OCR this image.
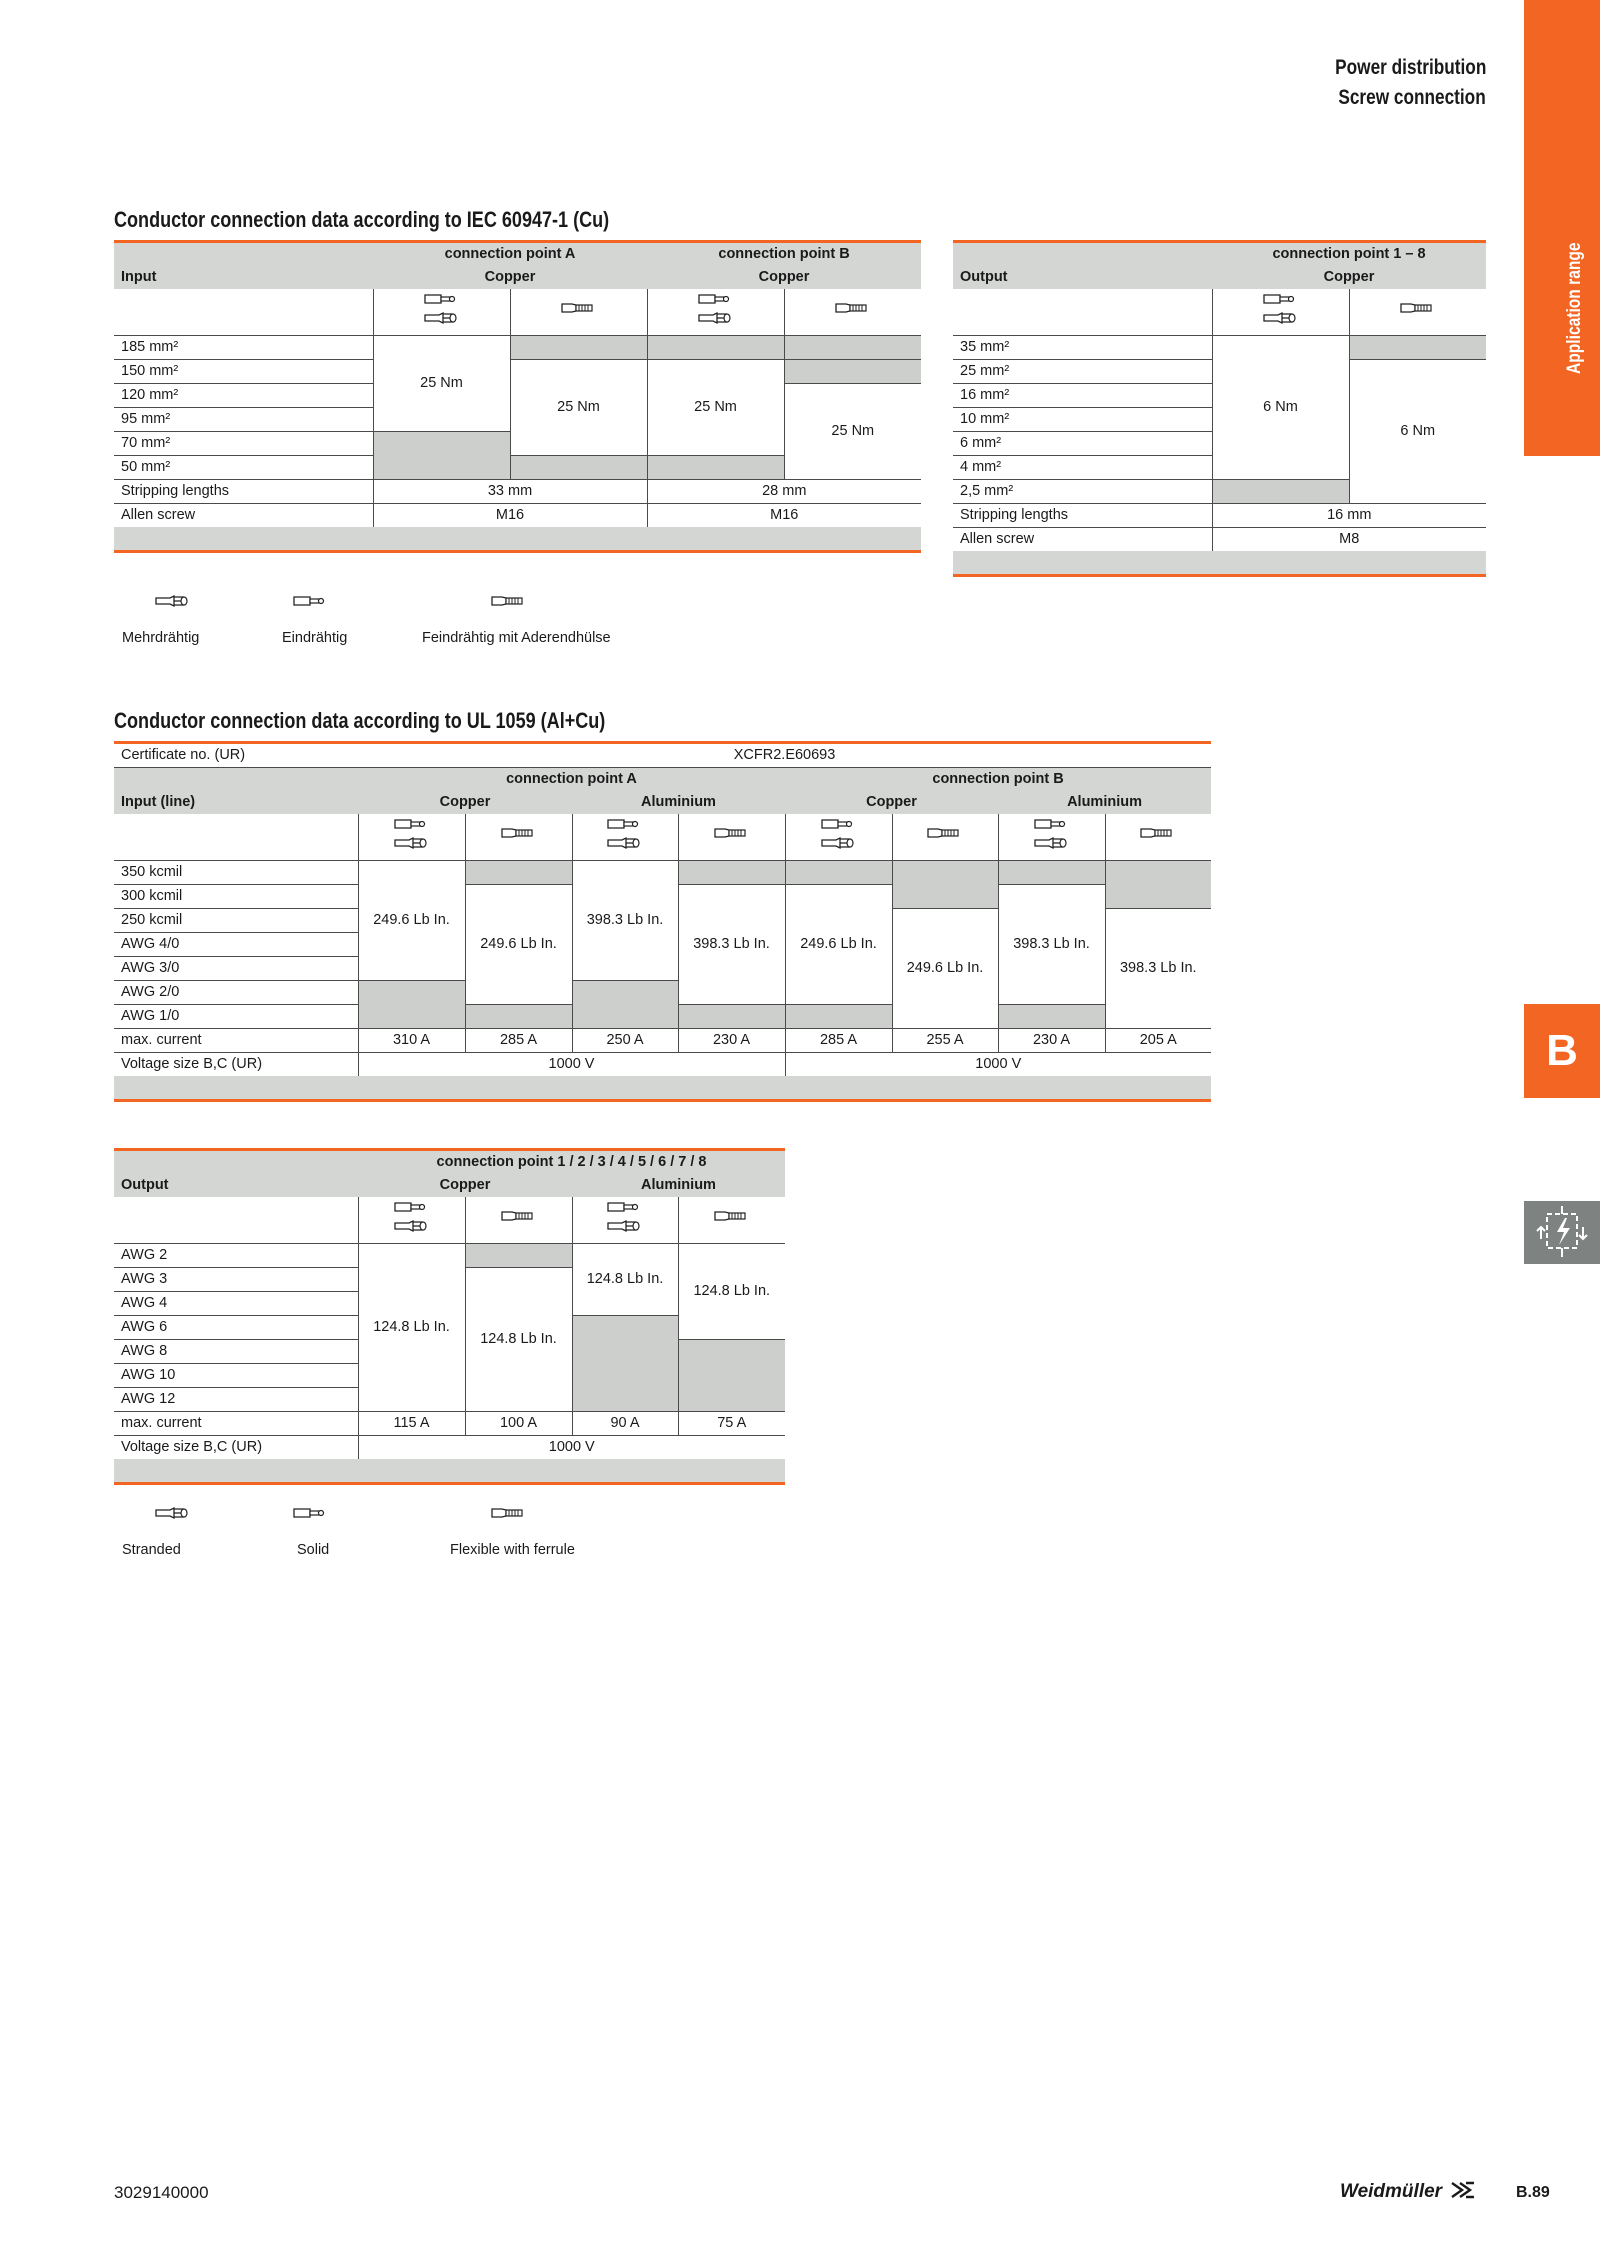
Power distribution
Screw connection
Application range
B
Conductor connection data according to IEC 60947-1 (Cu)
	connection point A		connection point B	
Input	Copper		Copper	

185 mm²	25 Nm			
150 mm²		25 Nm	25 Nm	
120 mm²				25 Nm
95 mm²				
70 mm²				
50 mm²				
Stripping lengths	33 mm		28 mm	
Allen screw	M16		M16	

	connection point 1 – 8	
Output	Copper	

35 mm²	6 Nm	
25 mm²		6 Nm
16 mm²		
10 mm²		
6 mm²		
4 mm²		
2,5 mm²		
Stripping lengths	16 mm	
Allen screw	M8	

Mehrdrähtig	Eindrähtig	Feindrähtig mit Aderendhülse
Conductor connection data according to UL 1059 (Al+Cu)
Certificate no. (UR)	XCFR2.E60693							
	connection point A				connection point B			
Input (line)	Copper		Aluminium		Copper		Aluminium	

350 kcmil	249.6 Lb In.		398.3 Lb In.					
300 kcmil		249.6 Lb In.		398.3 Lb In.	249.6 Lb In.		398.3 Lb In.	
250 kcmil						249.6 Lb In.		398.3 Lb In.
AWG 4/0								
AWG 3/0								
AWG 2/0								
AWG 1/0								
max. current	310 A	285 A	250 A	230 A	285 A	255 A	230 A	205 A
Voltage size B,C (UR)	1000 V				1000 V			

	connection point 1 / 2 / 3 / 4 / 5 / 6 / 7 / 8			
Output	Copper		Aluminium	

AWG 2	124.8 Lb In.		124.8 Lb In.	124.8 Lb In.
AWG 3		124.8 Lb In.		
AWG 4				
AWG 6				
AWG 8				
AWG 10				
AWG 12				
max. current	115 A	100 A	90 A	75 A
Voltage size B,C (UR)	1000 V			

Stranded	Solid	Flexible with ferrule
3029140000	Weidmüller	B.89
